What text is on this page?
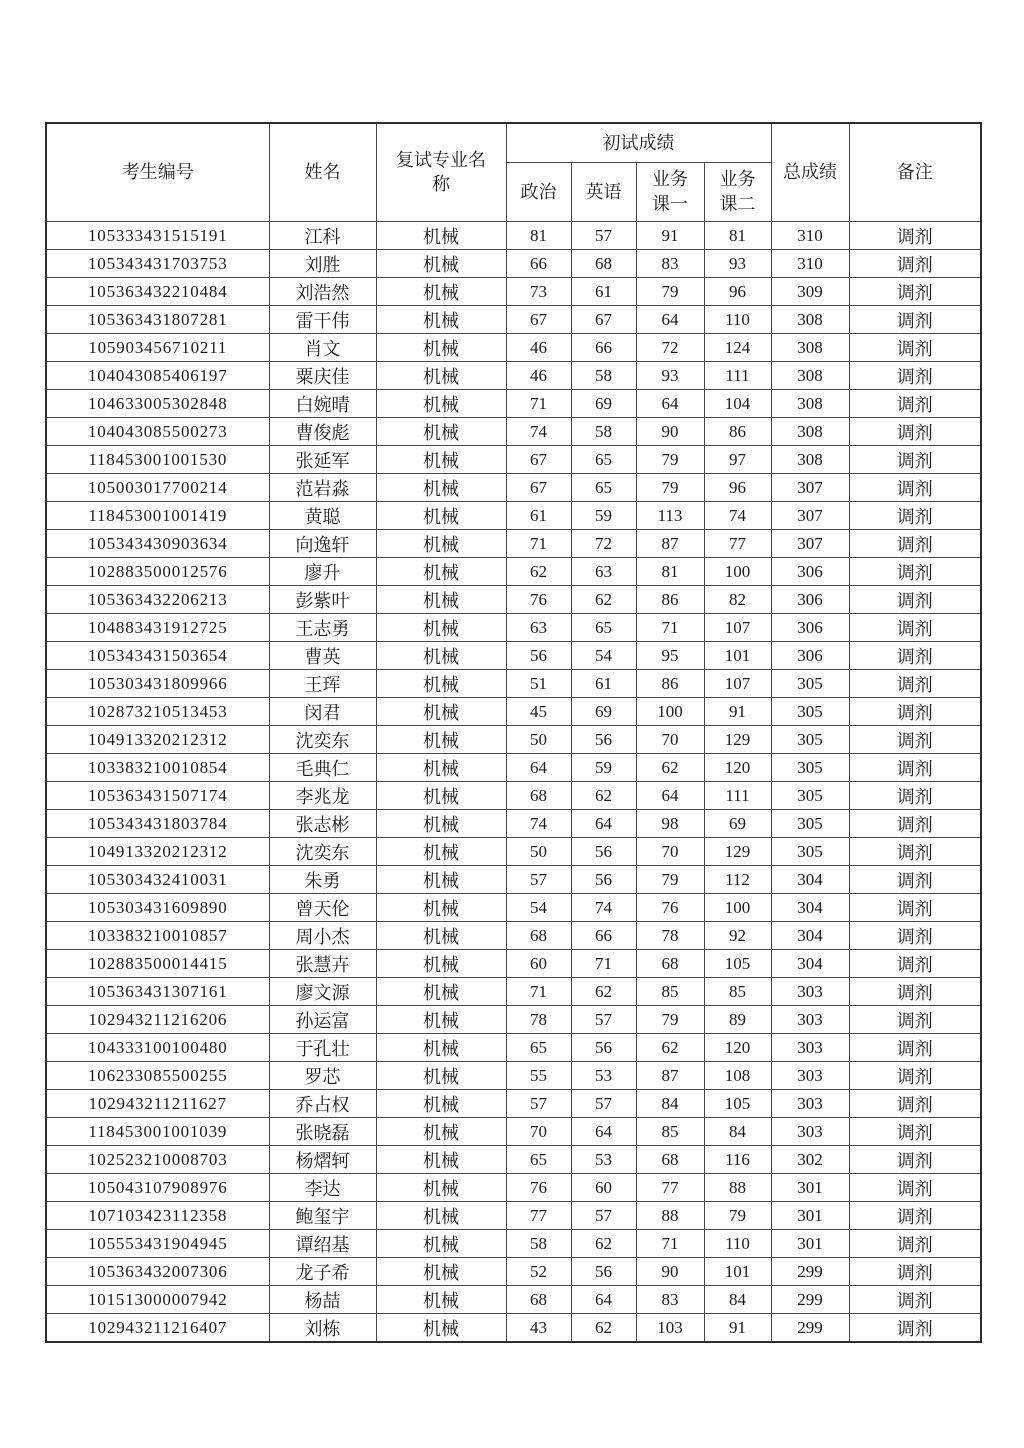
考生编号	姓名	复试专业名称	初试成绩				总成绩	备注
			政治	英语	业务课一	业务课二		
105333431515191	江科	机械	81	57	91	81	310	调剂
105343431703753	刘胜	机械	66	68	83	93	310	调剂
105363432210484	刘浩然	机械	73	61	79	96	309	调剂
105363431807281	雷干伟	机械	67	67	64	110	308	调剂
105903456710211	肖文	机械	46	66	72	124	308	调剂
104043085406197	粟庆佳	机械	46	58	93	111	308	调剂
104633005302848	白婉晴	机械	71	69	64	104	308	调剂
104043085500273	曹俊彪	机械	74	58	90	86	308	调剂
118453001001530	张延军	机械	67	65	79	97	308	调剂
105003017700214	范岩淼	机械	67	65	79	96	307	调剂
118453001001419	黄聪	机械	61	59	113	74	307	调剂
105343430903634	向逸轩	机械	71	72	87	77	307	调剂
102883500012576	廖升	机械	62	63	81	100	306	调剂
105363432206213	彭紫叶	机械	76	62	86	82	306	调剂
104883431912725	王志勇	机械	63	65	71	107	306	调剂
105343431503654	曹英	机械	56	54	95	101	306	调剂
105303431809966	王珲	机械	51	61	86	107	305	调剂
102873210513453	闵君	机械	45	69	100	91	305	调剂
104913320212312	沈奕东	机械	50	56	70	129	305	调剂
103383210010854	毛典仁	机械	64	59	62	120	305	调剂
105363431507174	李兆龙	机械	68	62	64	111	305	调剂
105343431803784	张志彬	机械	74	64	98	69	305	调剂
104913320212312	沈奕东	机械	50	56	70	129	305	调剂
105303432410031	朱勇	机械	57	56	79	112	304	调剂
105303431609890	曾天伦	机械	54	74	76	100	304	调剂
103383210010857	周小杰	机械	68	66	78	92	304	调剂
102883500014415	张慧卉	机械	60	71	68	105	304	调剂
105363431307161	廖文源	机械	71	62	85	85	303	调剂
102943211216206	孙运富	机械	78	57	79	89	303	调剂
104333100100480	于孔壮	机械	65	56	62	120	303	调剂
106233085500255	罗芯	机械	55	53	87	108	303	调剂
102943211211627	乔占权	机械	57	57	84	105	303	调剂
118453001001039	张晓磊	机械	70	64	85	84	303	调剂
102523210008703	杨熠轲	机械	65	53	68	116	302	调剂
105043107908976	李达	机械	76	60	77	88	301	调剂
107103423112358	鲍玺宇	机械	77	57	88	79	301	调剂
105553431904945	谭绍基	机械	58	62	71	110	301	调剂
105363432007306	龙子希	机械	52	56	90	101	299	调剂
101513000007942	杨喆	机械	68	64	83	84	299	调剂
102943211216407	刘栋	机械	43	62	103	91	299	调剂
